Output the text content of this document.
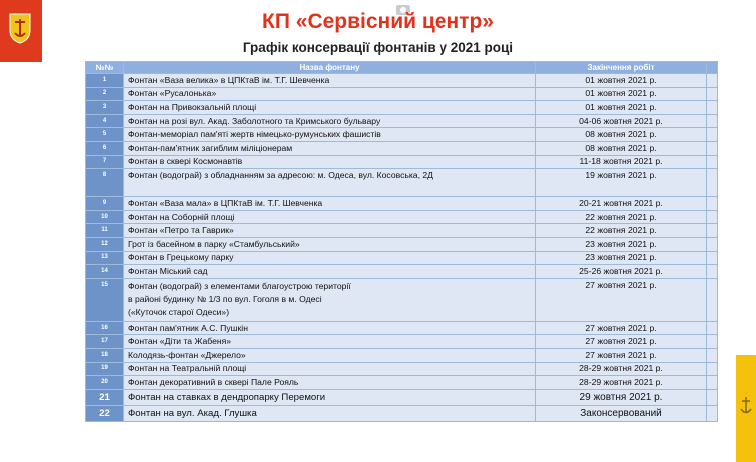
КП «Сервісний центр»
Графік консервації фонтанів у 2021 році
№№	Назва фонтану	Закінчення робіт	
1	Фонтан «Ваза велика» в ЦПКтаВ ім. Т.Г. Шевченка	01 жовтня 2021 р.	
2	Фонтан «Русалонька»	01 жовтня 2021 р.	
3	Фонтан на Привокзальній площі	01 жовтня 2021 р.	
4	Фонтан на розі вул. Акад. Заболотного та Кримського бульвару	04-06 жовтня 2021 р.	
5	Фонтан-меморіал пам'яті жертв німецько-румунських фашистів	08 жовтня 2021 р.	
6	Фонтан-пам'ятник загиблим міліціонерам	08 жовтня 2021 р.	
7	Фонтан в сквері Космонавтів	11-18 жовтня 2021 р.	
8	Фонтан (водограй) з обладнанням за адресою: м. Одеса, вул. Косовська, 2Д	19 жовтня 2021 р.	
9	Фонтан «Ваза мала» в ЦПКтаВ ім. Т.Г. Шевченка	20-21 жовтня 2021 р.	
10	Фонтан на Соборній площі	22 жовтня 2021 р.	
11	Фонтан «Петро та Гаврик»	22 жовтня 2021 р.	
12	Грот із басейном в парку «Стамбульський»	23 жовтня 2021 р.	
13	Фонтан в Грецькому парку	23 жовтня 2021 р.	
14	Фонтан Міський сад	25-26 жовтня 2021 р.	
15	Фонтан (водограй) з елементами благоустрою території
в районі будинку № 1/3 по вул. Гоголя в м. Одесі
(«Куточок старої Одеси»)	27 жовтня 2021 р.	
16	Фонтан пам'ятник А.С. Пушкін	27 жовтня 2021 р.	
17	Фонтан «Діти та Жабеня»	27 жовтня 2021 р.	
18	Колодязь-фонтан «Джерело»	27 жовтня 2021 р.	
19	Фонтан на Театральній площі	28-29 жовтня 2021 р.	
20	Фонтан декоративний в сквері Пале Рояль	28-29 жовтня 2021 р.	
21	Фонтан на ставках в дендропарку Перемоги	29 жовтня 2021 р.	
22	Фонтан на вул. Акад. Глушка	Законсервований	
